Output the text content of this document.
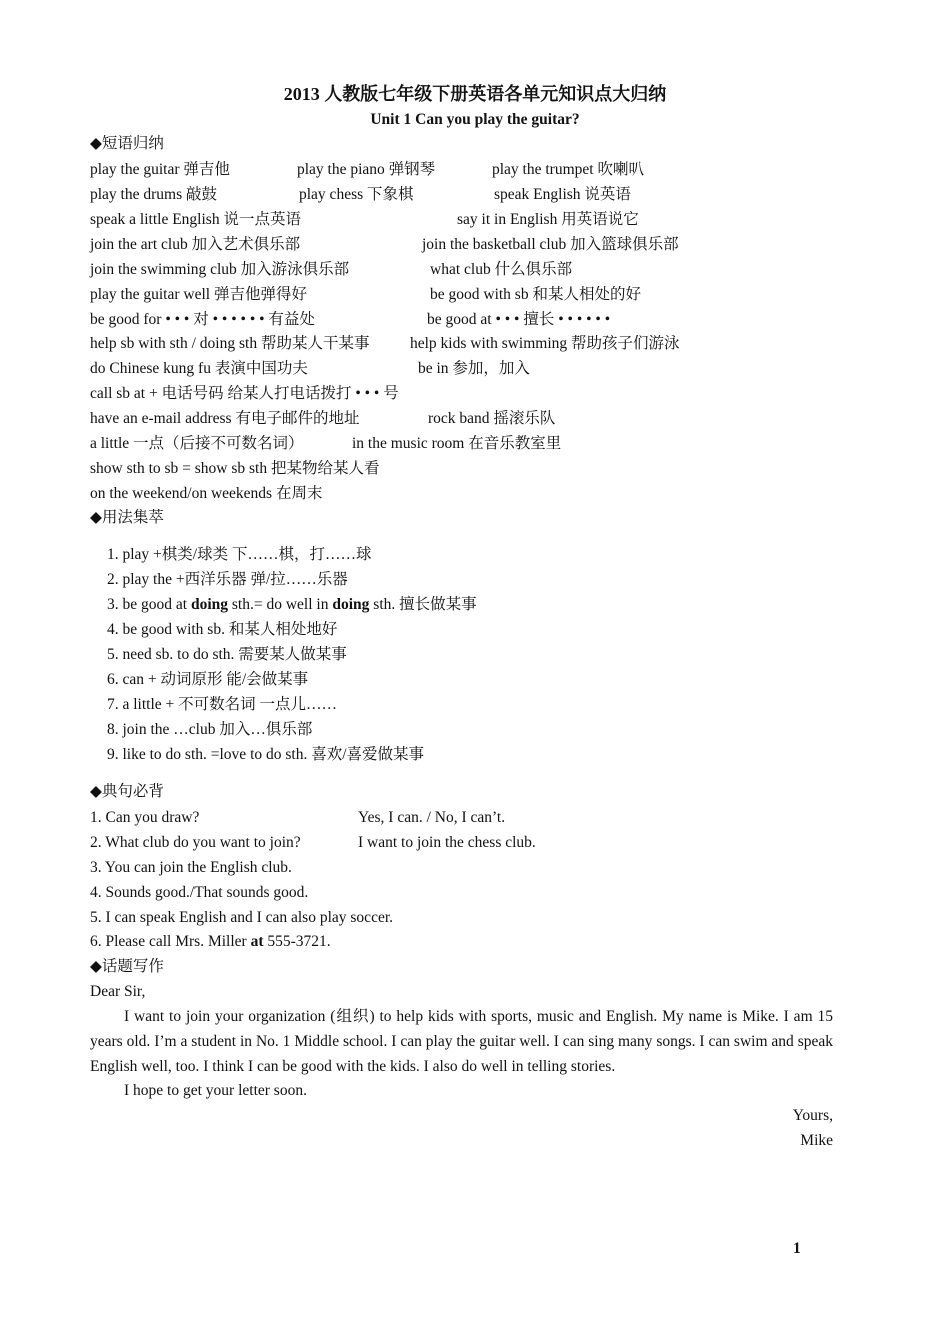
2013 人教版七年级下册英语各单元知识点大归纳
Unit 1 Can you play the guitar?
◆短语归纳
play the guitar 弹吉他	play the piano 弹钢琴	play the trumpet 吹喇叭
play the drums 敲鼓	play chess 下象棋	speak English 说英语
speak a little English 说一点英语	say it in English 用英语说它
join the art club 加入艺术俱乐部	join the basketball club 加入篮球俱乐部
join the swimming club 加入游泳俱乐部	what club 什么俱乐部
play the guitar well 弹吉他弹得好	be good with sb 和某人相处的好
be good for • • • 对 • • • • • • 有益处	be good at • • • 擅长 • • • • • •
help sb with sth / doing sth 帮助某人干某事	help kids with swimming 帮助孩子们游泳
do Chinese kung fu 表演中国功夫	be in 参加，加入
call sb at + 电话号码 给某人打电话拨打 • • • 号
have an e-mail address 有电子邮件的地址	rock band 摇滚乐队
a little 一点（后接不可数名词）	in the music room 在音乐教室里
show sth to sb = show sb sth 把某物给某人看
on the weekend/on weekends 在周末
◆用法集萃
1. play +棋类/球类 下……棋，打……球
2. play the +西洋乐器 弹/拉……乐器
3. be good at doing sth.= do well in doing sth. 擅长做某事
4. be good with sb. 和某人相处地好
5. need sb. to do sth. 需要某人做某事
6. can + 动词原形 能/会做某事
7. a little + 不可数名词 一点儿……
8. join the …club 加入…俱乐部
9. like to do sth. =love to do sth. 喜欢/喜爱做某事
◆典句必背
1. Can you draw?	Yes, I can. / No, I can’t.
2. What club do you want to join?	I want to join the chess club.
3. You can join the English club.
4. Sounds good./That sounds good.
5. I can speak English and I can also play soccer.
6. Please call Mrs. Miller at 555-3721.
◆话题写作
Dear Sir,
I want to join your organization (组织) to help kids with sports, music and English. My name is Mike. I am 15 years old. I’m a student in No. 1 Middle school. I can play the guitar well. I can sing many songs. I can swim and speak English well, too. I think I can be good with the kids. I also do well in telling stories.
I hope to get your letter soon.
Yours,
Mike
1
